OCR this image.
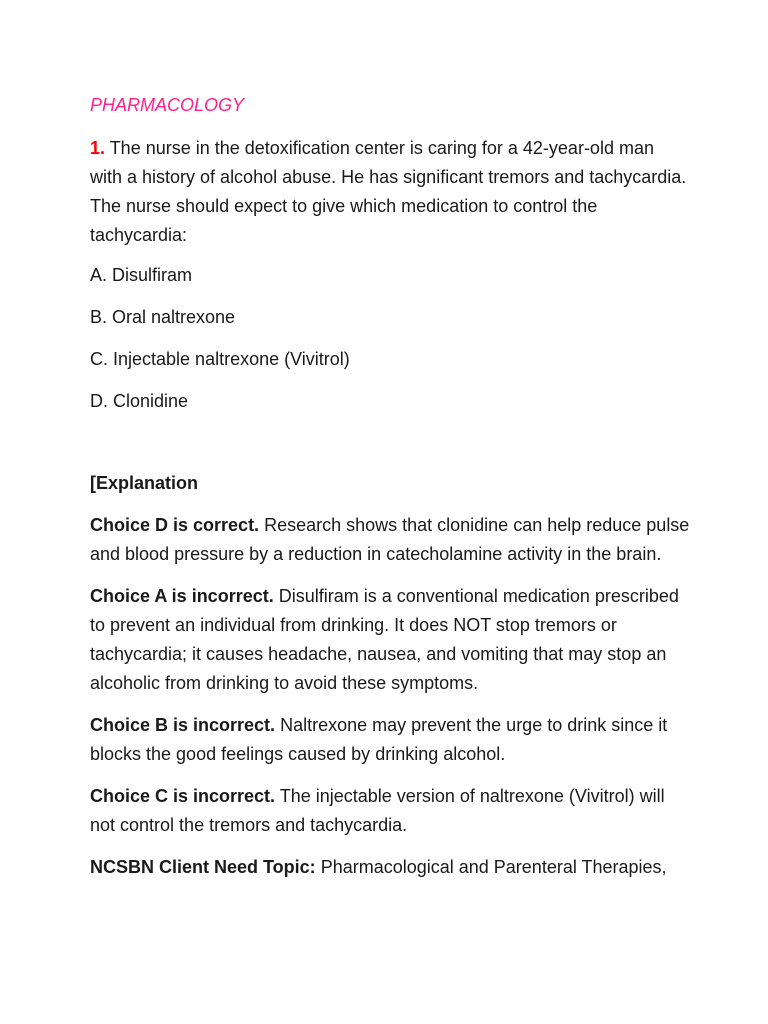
PHARMACOLOGY

1. The nurse in the detoxification center is caring for a 42-year-old man with a history of alcohol abuse. He has significant tremors and tachycardia. The nurse should expect to give which medication to control the tachycardia:

A. Disulfiram

B. Oral naltrexone

C. Injectable naltrexone (Vivitrol)

D. Clonidine

[Explanation

Choice D is correct. Research shows that clonidine can help reduce pulse and blood pressure by a reduction in catecholamine activity in the brain.

Choice A is incorrect. Disulfiram is a conventional medication prescribed to prevent an individual from drinking. It does NOT stop tremors or tachycardia; it causes headache, nausea, and vomiting that may stop an alcoholic from drinking to avoid these symptoms.

Choice B is incorrect. Naltrexone may prevent the urge to drink since it blocks the good feelings caused by drinking alcohol.

Choice C is incorrect. The injectable version of naltrexone (Vivitrol) will not control the tremors and tachycardia.

NCSBN Client Need Topic: Pharmacological and Parenteral Therapies,
